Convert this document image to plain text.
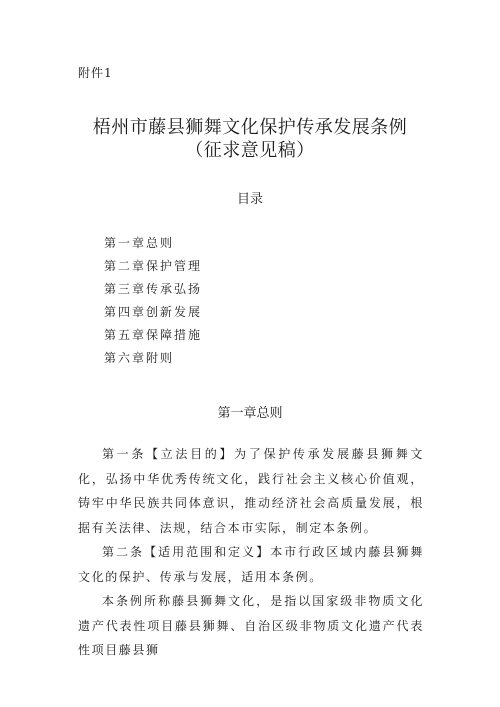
附件1
梧州市藤县狮舞文化保护传承发展条例
（征求意见稿）
目录
第一章总则
第二章保护管理
第三章传承弘扬
第四章创新发展
第五章保障措施
第六章附则
第一章总则

第一条【立法目的】为了保护传承发展藤县狮舞文化，弘扬中华优秀传统文化，践行社会主义核心价值观，铸牢中华民族共同体意识，推动经济社会高质量发展，根据有关法律、法规，结合本市实际，制定本条例。

第二条【适用范围和定义】本市行政区域内藤县狮舞文化的保护、传承与发展，适用本条例。

本条例所称藤县狮舞文化，是指以国家级非物质文化遗产代表性项目藤县狮舞、自治区级非物质文化遗产代表性项目藤县狮
